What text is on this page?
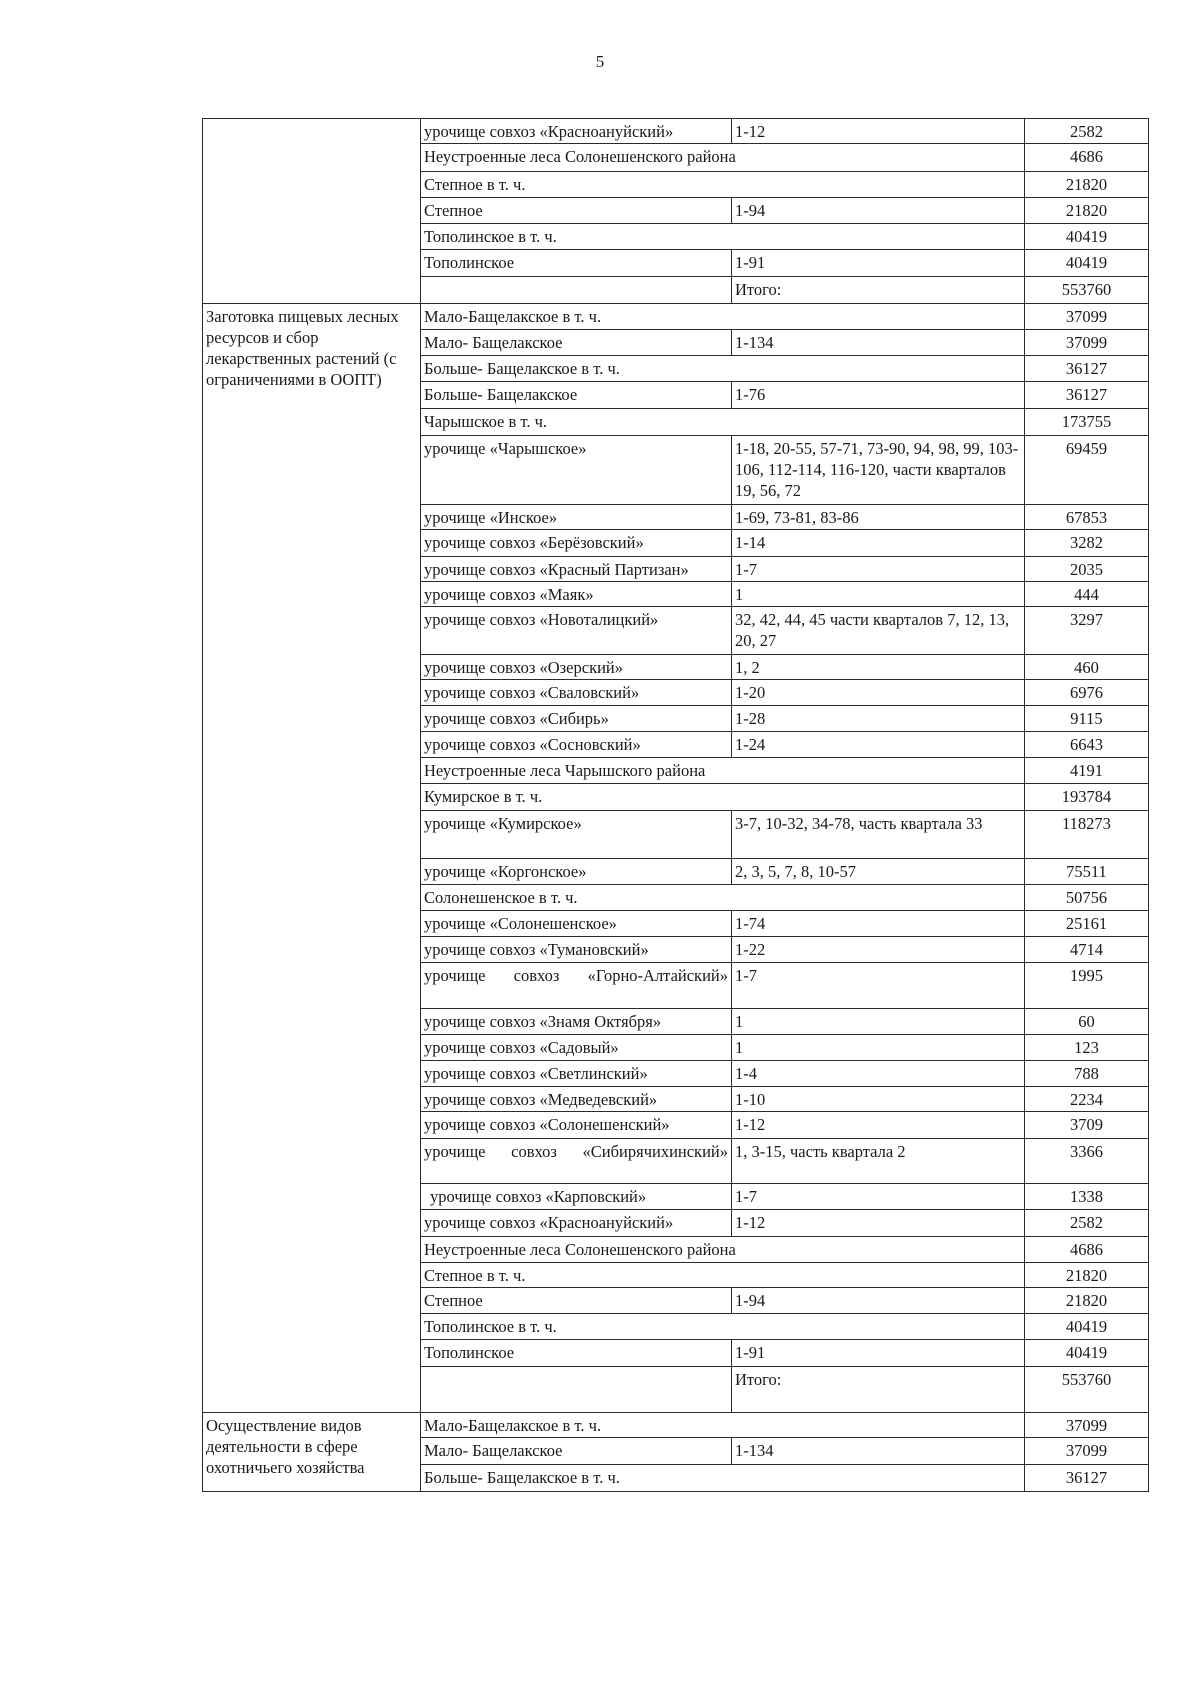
5
	урочище совхоз «Красноануйский»	1-12	2582
	Неустроенные леса Солонешенского района		4686
	Степное в т. ч.		21820
	Степное	1-94	21820
	Тополинское в т. ч.		40419
	Тополинское	1-91	40419
		Итого:	553760
Заготовка пищевых лесных ресурсов и сбор лекарственных растений (с ограничениями в ООПТ)	Мало-Бащелакское в т. ч.		37099
	Мало- Бащелакское	1-134	37099
	Больше- Бащелакское в т. ч.		36127
	Больше- Бащелакское	1-76	36127
	Чарышское в т. ч.		173755
	урочище «Чарышское»	1-18, 20-55, 57-71, 73-90, 94, 98, 99, 103-106, 112-114, 116-120, части кварталов 19, 56, 72	69459
	урочище «Инское»	1-69, 73-81, 83-86	67853
	урочище совхоз «Берёзовский»	1-14	3282
	урочище совхоз «Красный Партизан»	1-7	2035
	урочище совхоз «Маяк»	1	444
	урочище совхоз «Новоталицкий»	32, 42, 44, 45 части кварталов 7, 12, 13, 20, 27	3297
	урочище совхоз «Озерский»	1, 2	460
	урочище совхоз «Сваловский»	1-20	6976
	урочище совхоз «Сибирь»	1-28	9115
	урочище совхоз «Сосновский»	1-24	6643
	Неустроенные леса Чарышского района		4191
	Кумирское в т. ч.		193784
	урочище «Кумирское»	3-7, 10-32, 34-78, часть квартала 33	118273
	урочище «Коргонское»	2, 3, 5, 7, 8, 10-57	75511
	Солонешенское в т. ч.		50756
	урочище «Солонешенское»	1-74	25161
	урочище совхоз «Тумановский»	1-22	4714
	урочище совхоз «Горно-Алтайский»	1-7	1995
	урочище совхоз «Знамя Октября»	1	60
	урочище совхоз «Садовый»	1	123
	урочище совхоз «Светлинский»	1-4	788
	урочище совхоз «Медведевский»	1-10	2234
	урочище совхоз «Солонешенский»	1-12	3709
	урочище совхоз «Сибирячихинский»	1, 3-15, часть квартала 2	3366
	урочище совхоз «Карповский»	1-7	1338
	урочище совхоз «Красноануйский»	1-12	2582
	Неустроенные леса Солонешенского района		4686
	Степное в т. ч.		21820
	Степное	1-94	21820
	Тополинское в т. ч.		40419
	Тополинское	1-91	40419
		Итого:	553760
Осуществление видов деятельности в сфере охотничьего хозяйства	Мало-Бащелакское в т. ч.		37099
	Мало- Бащелакское	1-134	37099
	Больше- Бащелакское в т. ч.		36127
